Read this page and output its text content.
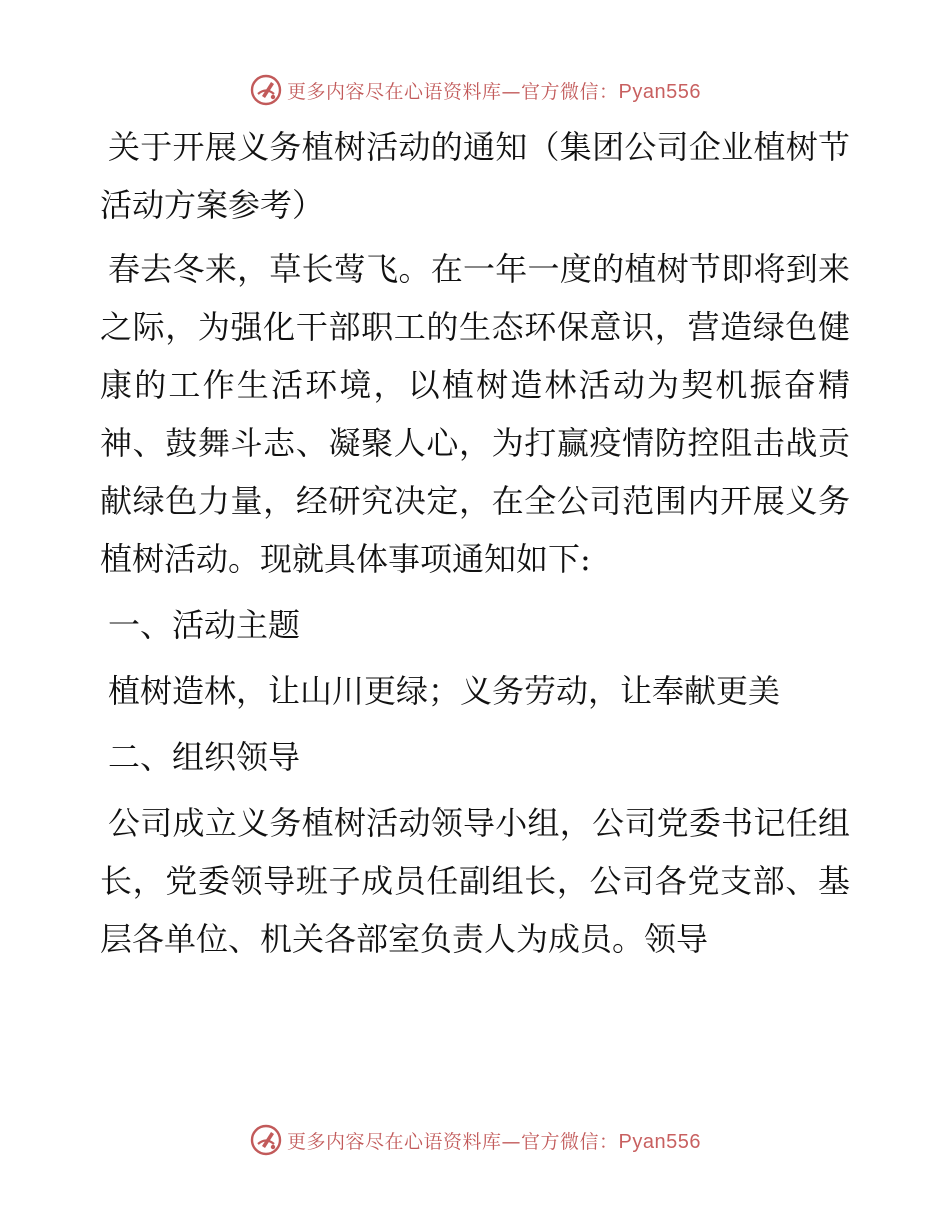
更多内容尽在心语资料库—官方微信：Pyan556

关于开展义务植树活动的通知（集团公司企业植树节活动方案参考）

春去冬来，草长莺飞。在一年一度的植树节即将到来之际，为强化干部职工的生态环保意识，营造绿色健康的工作生活环境，以植树造林活动为契机振奋精神、鼓舞斗志、凝聚人心，为打赢疫情防控阻击战贡献绿色力量，经研究决定，在全公司范围内开展义务植树活动。现就具体事项通知如下:

一、活动主题

植树造林，让山川更绿；义务劳动，让奉献更美

二、组织领导

公司成立义务植树活动领导小组，公司党委书记任组长，党委领导班子成员任副组长，公司各党支部、基层各单位、机关各部室负责人为成员。领导

更多内容尽在心语资料库—官方微信：Pyan556
